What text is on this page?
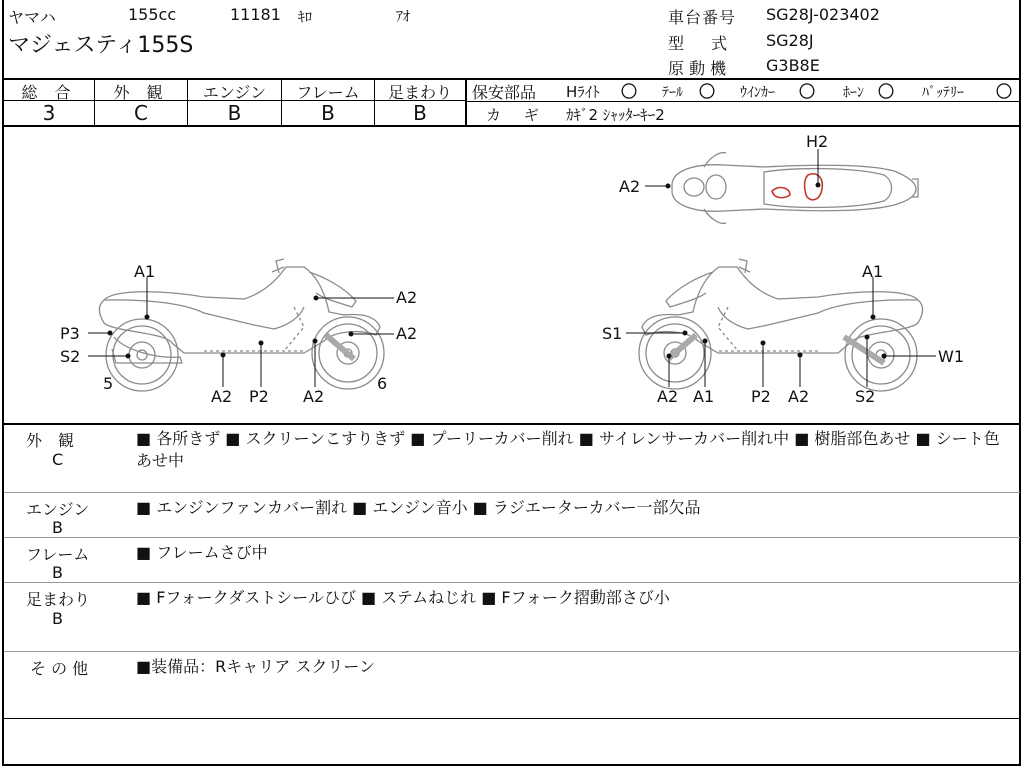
ヤマハ	155cc	11181 ｷﾛ	ｱｵ
マジェスティ155S
車台番号 SG28J-023402
型 式 SG28J
原 動 機 G3B8E
総 合	外 観	エンジン	フレーム	足まわり
3	C	B	B	B
保安部品 Hﾗｲﾄ 〇 ﾃｰﾙ 〇 ｳｲﾝｶｰ 〇 ﾎｰﾝ 〇 ﾊﾞｯﾃﾘｰ 〇
カ ギ ｶｷﾞ2 ｼｬｯﾀｰｷｰ2
A1
A2
A2
P3
S2
5
A2 P2 A2
6
A1
S1
W1
A2 A1 P2 A2	S2
H2
A2
外　観
C
■ 各所きず ■ スクリーンこすりきず ■ プーリーカバー削れ ■ サイレンサーカバー削れ中 ■ 樹脂部色あせ ■ シート色あせ中
エンジン
B
■ エンジンファンカバー割れ ■ エンジン音小 ■ ラジエーターカバー一部欠品
フレーム
B
■ フレームさび中
足まわり
B
■ Fフォークダストシールひび ■ ステムねじれ ■ Fフォーク摺動部さび小
そ の 他	■装備品：Rキャリア スクリーン
